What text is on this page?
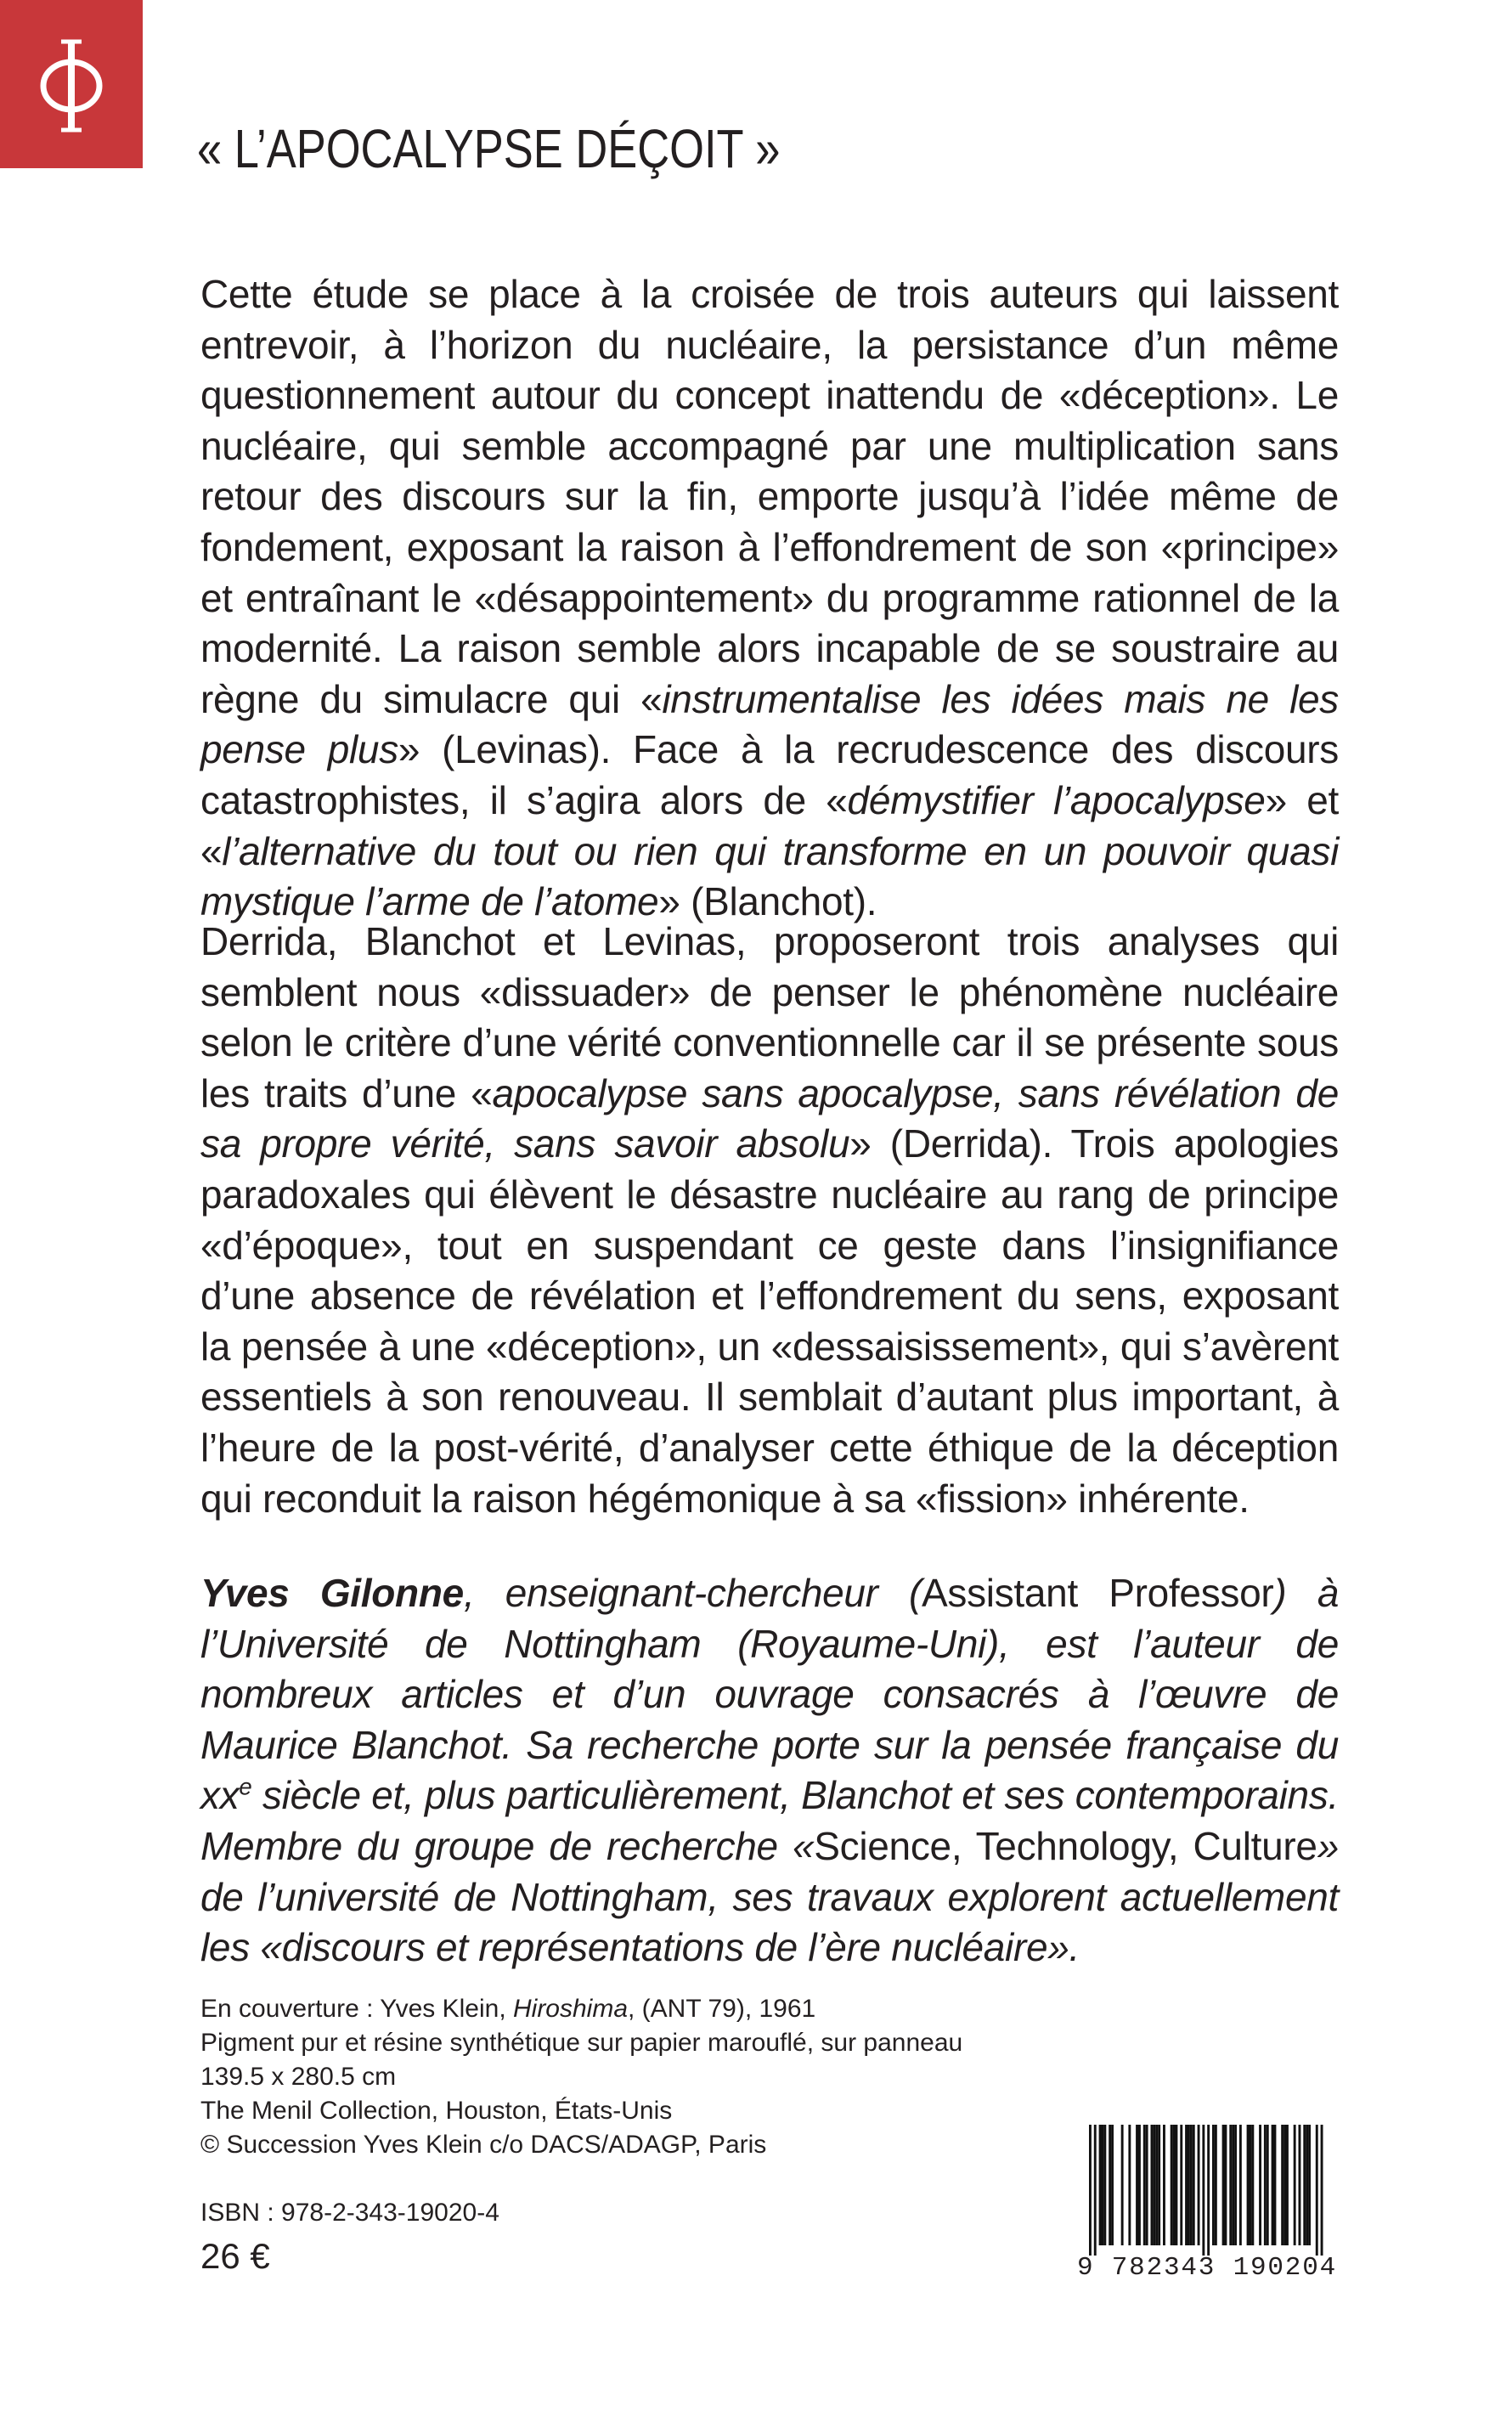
« L’APOCALYPSE DÉÇOIT »

Cette étude se place à la croisée de trois auteurs qui laissent entrevoir, à l’horizon du nucléaire, la persistance d’un même questionnement autour du concept inattendu de «déception». Le nucléaire, qui semble accompagné par une multiplication sans retour des discours sur la fin, emporte jusqu’à l’idée même de fondement, exposant la raison à l’effondrement de son «principe» et entraînant le «désappointement» du programme rationnel de la modernité. La raison semble alors incapable de se soustraire au règne du simulacre qui «instrumentalise les idées mais ne les pense plus» (Levinas). Face à la recrudescence des discours catastrophistes, il s’agira alors de «démystifier l’apocalypse» et «l’alternative du tout ou rien qui transforme en un pouvoir quasi mystique l’arme de l’atome» (Blanchot).

Derrida, Blanchot et Levinas, proposeront trois analyses qui semblent nous «dissuader» de penser le phénomène nucléaire selon le critère d’une vérité conventionnelle car il se présente sous les traits d’une «apocalypse sans apocalypse, sans révélation de sa propre vérité, sans savoir absolu» (Derrida). Trois apologies paradoxales qui élèvent le désastre nucléaire au rang de principe «d’époque», tout en suspendant ce geste dans l’insignifiance d’une absence de révélation et l’effondrement du sens, exposant la pensée à une «déception», un «dessaisissement», qui s’avèrent essentiels à son renouveau. Il semblait d’autant plus important, à l’heure de la post-vérité, d’analyser cette éthique de la déception qui reconduit la raison hégémonique à sa «fission» inhérente.

Yves Gilonne, enseignant-chercheur (Assistant Professor) à l’Université de Nottingham (Royaume-Uni), est l’auteur de nombreux articles et d’un ouvrage consacrés à l’œuvre de Maurice Blanchot. Sa recherche porte sur la pensée française du $xx^e$ siècle et, plus particulièrement, Blanchot et ses contemporains. Membre du groupe de recherche «Science, Technology, Culture» de l’université de Nottingham, ses travaux explorent actuellement les «discours et représentations de l’ère nucléaire».

En couverture : Yves Klein, Hiroshima, (ANT 79), 1961
Pigment pur et résine synthétique sur papier marouflé, sur panneau
139.5 x 280.5 cm
The Menil Collection, Houston, États-Unis
© Succession Yves Klein c/o DACS/ADAGP, Paris
ISBN : 978-2-343-19020-4
26 €	9 782343 190204
